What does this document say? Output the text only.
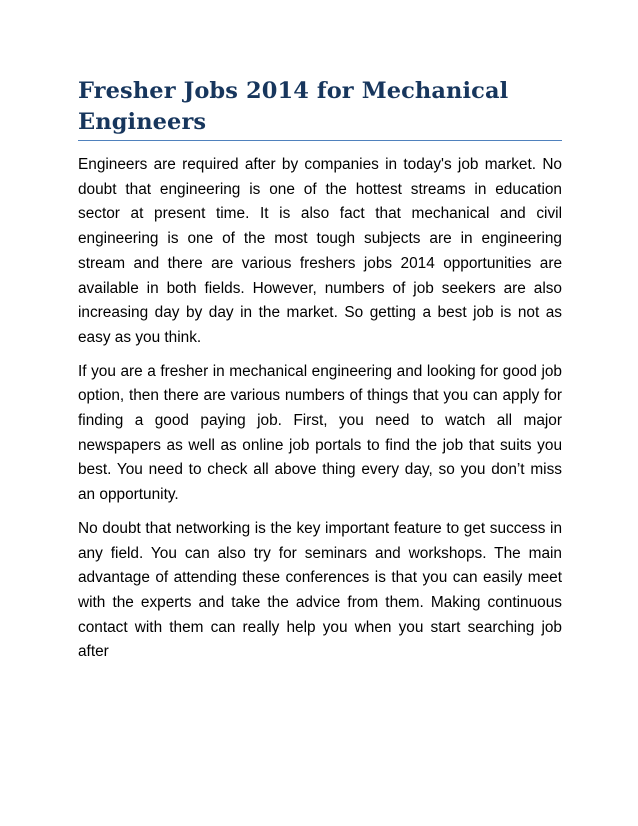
Fresher Jobs 2014 for Mechanical Engineers

Engineers are required after by companies in today's job market. No doubt that engineering is one of the hottest streams in education sector at present time. It is also fact that mechanical and civil engineering is one of the most tough subjects are in engineering stream and there are various freshers jobs 2014 opportunities are available in both fields. However, numbers of job seekers are also increasing day by day in the market. So getting a best job is not as easy as you think.

If you are a fresher in mechanical engineering and looking for good job option, then there are various numbers of things that you can apply for finding a good paying job. First, you need to watch all major newspapers as well as online job portals to find the job that suits you best. You need to check all above thing every day, so you don’t miss an opportunity.

No doubt that networking is the key important feature to get success in any field. You can also try for seminars and workshops. The main advantage of attending these conferences is that you can easily meet with the experts and take the advice from them. Making continuous contact with them can really help you when you start searching job after
